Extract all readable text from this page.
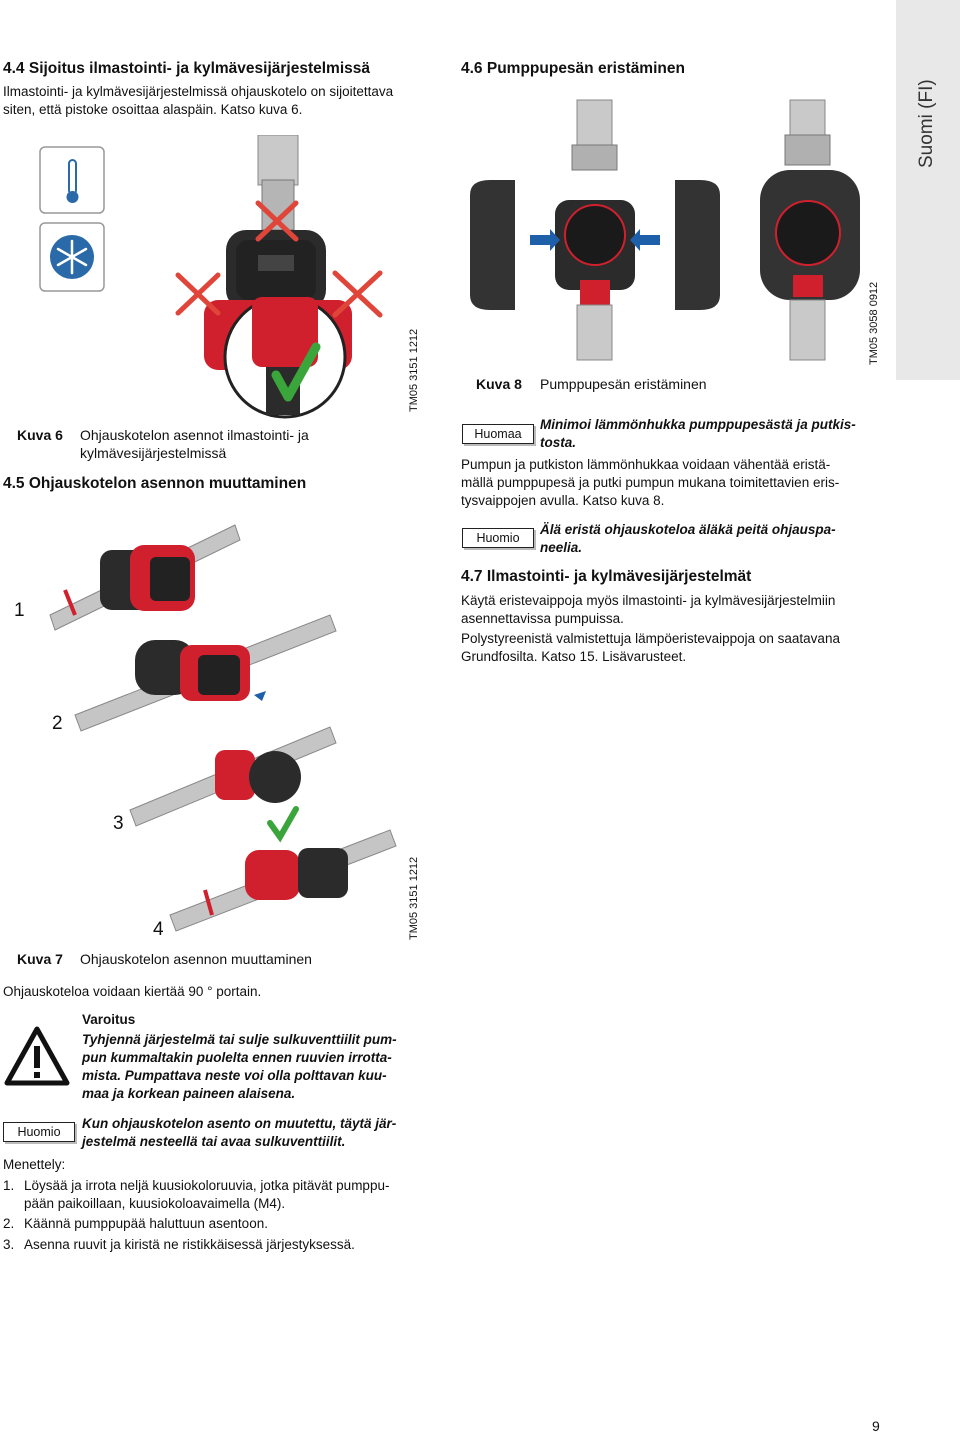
Suomi (FI)
4.4 Sijoitus ilmastointi- ja kylmävesijärjestelmissä
Ilmastointi- ja kylmävesijärjestelmissä ohjauskotelo on sijoitettava
siten, että pistoke osoittaa alaspäin. Katso kuva 6.
TM05 3151 1212
Kuva 6 Ohjauskotelon asennot ilmastointi- ja
kylmävesijärjestelmissä
4.5 Ohjauskotelon asennon muuttaminen
1
2
3
4	TM05 3151 1212
Kuva 7 Ohjauskotelon asennon muuttaminen
Ohjauskoteloa voidaan kiertää 90 ° portain.
Varoitus
Tyhjennä järjestelmä tai sulje sulkuventtiilit pum-
pun kummaltakin puolelta ennen ruuvien irrotta-
mista. Pumpattava neste voi olla polttavan kuu-
maa ja korkean paineen alaisena.
Huomio
Kun ohjauskotelon asento on muutettu, täytä jär-
jestelmä nesteellä tai avaa sulkuventtiilit.
Menettely:
1. Löysää ja irrota neljä kuusiokoloruuvia, jotka pitävät pumppu-
pään paikoillaan, kuusiokoloavaimella (M4).
2. Käännä pumppupää haluttuun asentoon.
3. Asenna ruuvit ja kiristä ne ristikkäisessä järjestyksessä.
4.6 Pumppupesän eristäminen
TM05 3058 0912
Kuva 8 Pumppupesän eristäminen
Huomaa
Minimoi lämmönhukka pumppupesästä ja putkis-
tosta.
Pumpun ja putkiston lämmönhukkaa voidaan vähentää eristä-
mällä pumppupesä ja putki pumpun mukana toimitettavien eris-
tysvaippojen avulla. Katso kuva 8.
Huomio
Älä eristä ohjauskoteloa äläkä peitä ohjauspa-
neelia.
4.7 Ilmastointi- ja kylmävesijärjestelmät
Käytä eristevaippoja myös ilmastointi- ja kylmävesijärjestelmiin
asennettavissa pumpuissa.
Polystyreenistä valmistettuja lämpöeristevaippoja on saatavana
Grundfosilta. Katso 15. Lisävarusteet.
9
